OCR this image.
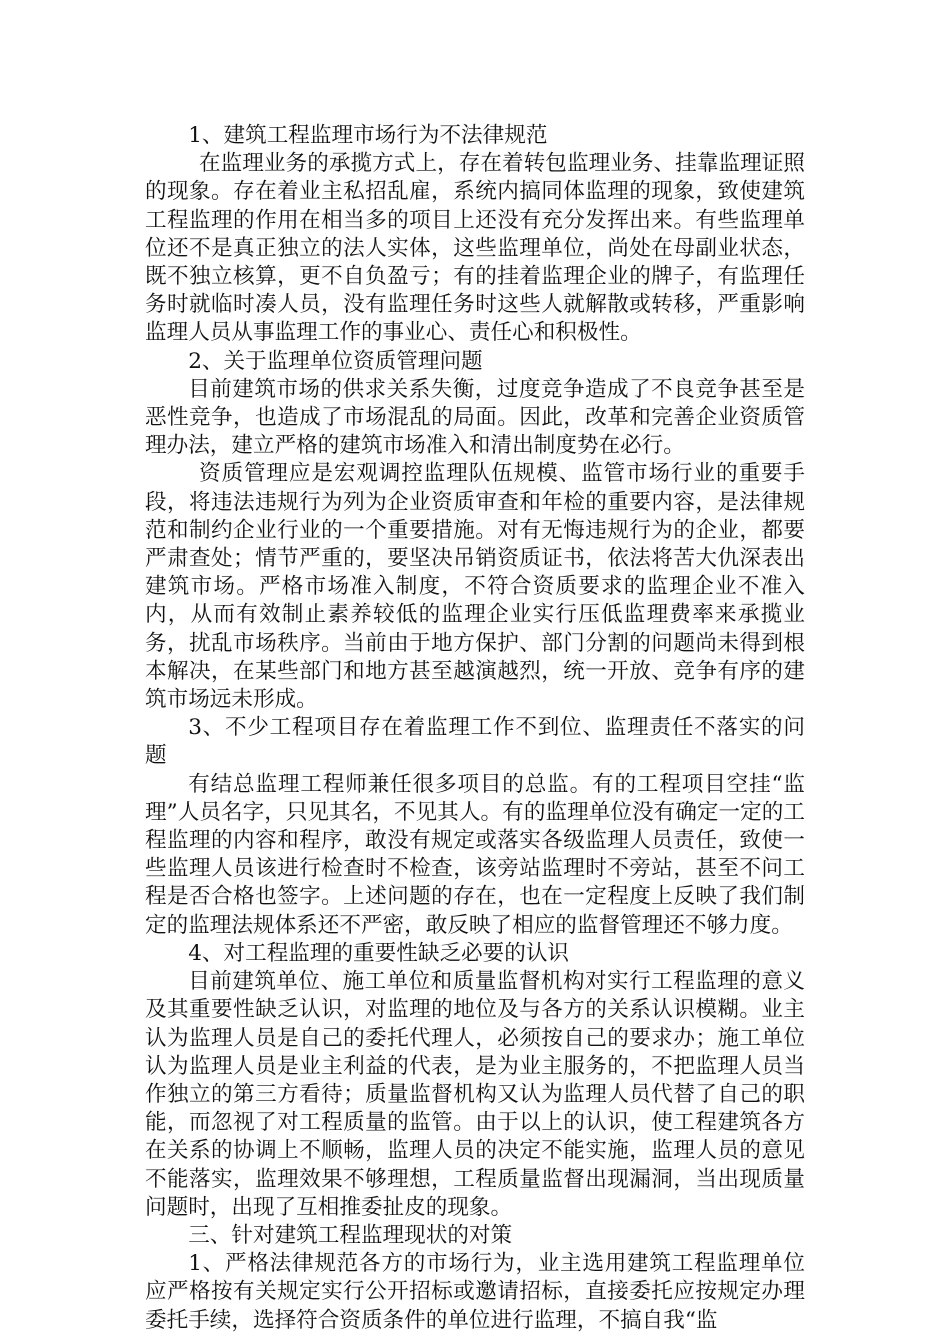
1、建筑工程监理市场行为不法律规范

在监理业务的承揽方式上，存在着转包监理业务、挂靠监理证照的现象。存在着业主私招乱雇，系统内搞同体监理的现象，致使建筑工程监理的作用在相当多的项目上还没有充分发挥出来。有些监理单位还不是真正独立的法人实体，这些监理单位，尚处在母副业状态，既不独立核算，更不自负盈亏；有的挂着监理企业的牌子，有监理任务时就临时凑人员，没有监理任务时这些人就解散或转移，严重影响监理人员从事监理工作的事业心、责任心和积极性。

2、关于监理单位资质管理问题

目前建筑市场的供求关系失衡，过度竞争造成了不良竞争甚至是恶性竞争，也造成了市场混乱的局面。因此，改革和完善企业资质管理办法，建立严格的建筑市场准入和清出制度势在必行。

资质管理应是宏观调控监理队伍规模、监管市场行业的重要手段，将违法违规行为列为企业资质审查和年检的重要内容，是法律规范和制约企业行业的一个重要措施。对有无悔违规行为的企业，都要严肃查处；情节严重的，要坚决吊销资质证书，依法将苦大仇深表出建筑市场。严格市场准入制度，不符合资质要求的监理企业不准入内，从而有效制止素养较低的监理企业实行压低监理费率来承揽业务，扰乱市场秩序。当前由于地方保护、部门分割的问题尚未得到根本解决，在某些部门和地方甚至越演越烈，统一开放、竞争有序的建筑市场远未形成。

3、不少工程项目存在着监理工作不到位、监理责任不落实的问题

有结总监理工程师兼任很多项目的总监。有的工程项目空挂“监理”人员名字，只见其名，不见其人。有的监理单位没有确定一定的工程监理的内容和程序，敢没有规定或落实各级监理人员责任，致使一些监理人员该进行检查时不检查，该旁站监理时不旁站，甚至不问工程是否合格也签字。上述问题的存在，也在一定程度上反映了我们制定的监理法规体系还不严密，敢反映了相应的监督管理还不够力度。

4、对工程监理的重要性缺乏必要的认识

目前建筑单位、施工单位和质量监督机构对实行工程监理的意义及其重要性缺乏认识，对监理的地位及与各方的关系认识模糊。业主认为监理人员是自己的委托代理人，必须按自己的要求办；施工单位认为监理人员是业主利益的代表，是为业主服务的，不把监理人员当作独立的第三方看待；质量监督机构又认为监理人员代替了自己的职能，而忽视了对工程质量的监管。由于以上的认识，使工程建筑各方在关系的协调上不顺畅，监理人员的决定不能实施，监理人员的意见不能落实，监理效果不够理想，工程质量监督出现漏洞，当出现质量问题时，出现了互相推委扯皮的现象。

三、针对建筑工程监理现状的对策

1、严格法律规范各方的市场行为，业主选用建筑工程监理单位应严格按有关规定实行公开招标或邀请招标，直接委托应按规定办理委托手续，选择符合资质条件的单位进行监理，不搞自我“监
